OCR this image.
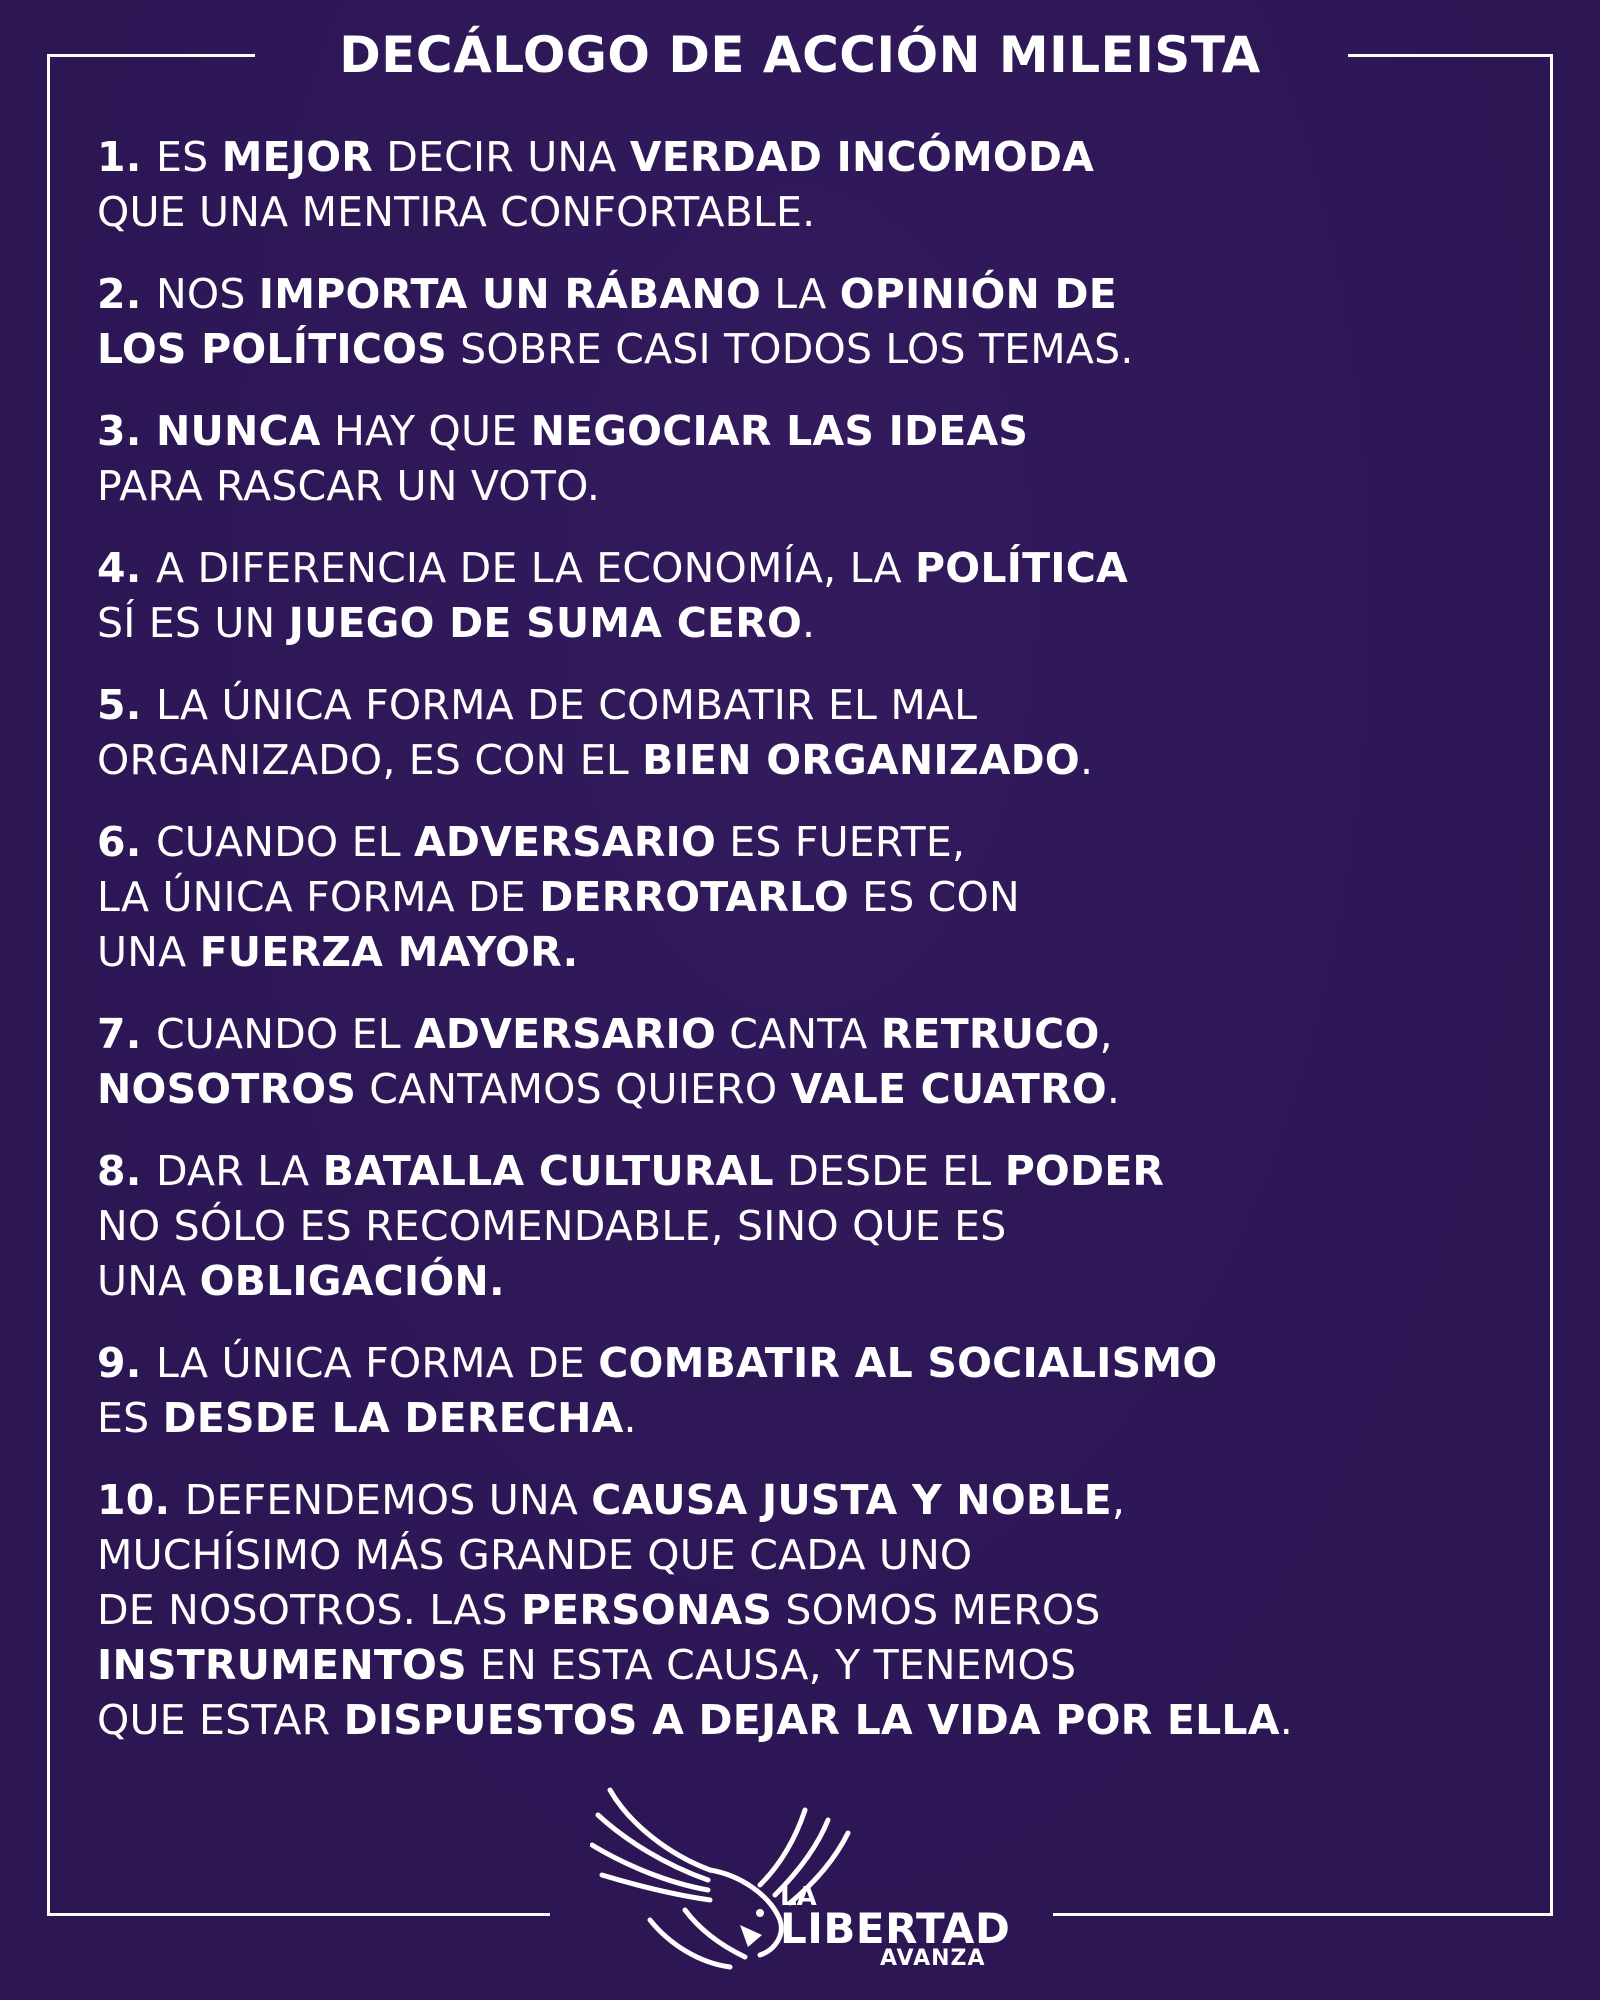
DECÁLOGO DE ACCIÓN MILEISTA
1. ES MEJOR DECIR UNA VERDAD INCÓMODA
QUE UNA MENTIRA CONFORTABLE.
2. NOS IMPORTA UN RÁBANO LA OPINIÓN DE
LOS POLÍTICOS SOBRE CASI TODOS LOS TEMAS.
3. NUNCA HAY QUE NEGOCIAR LAS IDEAS
PARA RASCAR UN VOTO.
4. A DIFERENCIA DE LA ECONOMÍA, LA POLÍTICA
SÍ ES UN JUEGO DE SUMA CERO.
5. LA ÚNICA FORMA DE COMBATIR EL MAL
ORGANIZADO, ES CON EL BIEN ORGANIZADO.
6. CUANDO EL ADVERSARIO ES FUERTE,
LA ÚNICA FORMA DE DERROTARLO ES CON
UNA FUERZA MAYOR.
7. CUANDO EL ADVERSARIO CANTA RETRUCO,
NOSOTROS CANTAMOS QUIERO VALE CUATRO.
8. DAR LA BATALLA CULTURAL DESDE EL PODER
NO SÓLO ES RECOMENDABLE, SINO QUE ES
UNA OBLIGACIÓN.
9. LA ÚNICA FORMA DE COMBATIR AL SOCIALISMO
ES DESDE LA DERECHA.
10. DEFENDEMOS UNA CAUSA JUSTA Y NOBLE,
MUCHÍSIMO MÁS GRANDE QUE CADA UNO
DE NOSOTROS. LAS PERSONAS SOMOS MEROS
INSTRUMENTOS EN ESTA CAUSA, Y TENEMOS
QUE ESTAR DISPUESTOS A DEJAR LA VIDA POR ELLA.
LA
LIBERTAD
AVANZA
